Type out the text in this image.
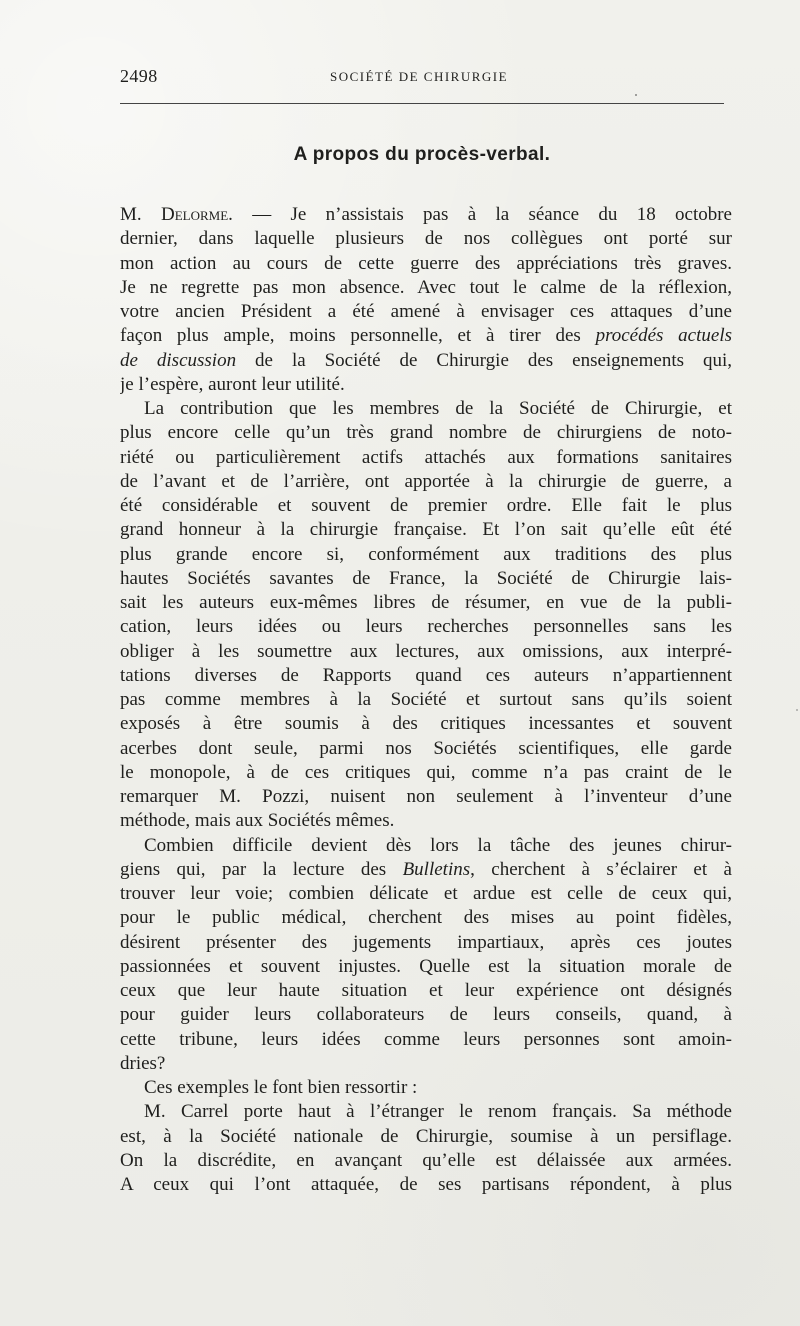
2498	SOCIÉTÉ DE CHIRURGIE
A propos du procès-verbal.
M. Delorme. — Je n’assistais pas à la séance du 18 octobre
dernier, dans laquelle plusieurs de nos collègues ont porté sur
mon action au cours de cette guerre des appréciations très graves.
Je ne regrette pas mon absence. Avec tout le calme de la réflexion,
votre ancien Président a été amené à envisager ces attaques d’une
façon plus ample, moins personnelle, et à tirer des procédés actuels
de discussion de la Société de Chirurgie des enseignements qui,
je l’espère, auront leur utilité.
La contribution que les membres de la Société de Chirurgie, et
plus encore celle qu’un très grand nombre de chirurgiens de noto-
riété ou particulièrement actifs attachés aux formations sanitaires
de l’avant et de l’arrière, ont apportée à la chirurgie de guerre, a
été considérable et souvent de premier ordre. Elle fait le plus
grand honneur à la chirurgie française. Et l’on sait qu’elle eût été
plus grande encore si, conformément aux traditions des plus
hautes Sociétés savantes de France, la Société de Chirurgie lais-
sait les auteurs eux-mêmes libres de résumer, en vue de la publi-
cation, leurs idées ou leurs recherches personnelles sans les
obliger à les soumettre aux lectures, aux omissions, aux interpré-
tations diverses de Rapports quand ces auteurs n’appartiennent
pas comme membres à la Société et surtout sans qu’ils soient
exposés à être soumis à des critiques incessantes et souvent
acerbes dont seule, parmi nos Sociétés scientifiques, elle garde
le monopole, à de ces critiques qui, comme n’a pas craint de le
remarquer M. Pozzi, nuisent non seulement à l’inventeur d’une
méthode, mais aux Sociétés mêmes.
Combien difficile devient dès lors la tâche des jeunes chirur-
giens qui, par la lecture des Bulletins, cherchent à s’éclairer et à
trouver leur voie; combien délicate et ardue est celle de ceux qui,
pour le public médical, cherchent des mises au point fidèles,
désirent présenter des jugements impartiaux, après ces joutes
passionnées et souvent injustes. Quelle est la situation morale de
ceux que leur haute situation et leur expérience ont désignés
pour guider leurs collaborateurs de leurs conseils, quand, à
cette tribune, leurs idées comme leurs personnes sont amoin-
dries?
Ces exemples le font bien ressortir :
M. Carrel porte haut à l’étranger le renom français. Sa méthode
est, à la Société nationale de Chirurgie, soumise à un persiflage.
On la discrédite, en avançant qu’elle est délaissée aux armées.
A ceux qui l’ont attaquée, de ses partisans répondent, à plus
